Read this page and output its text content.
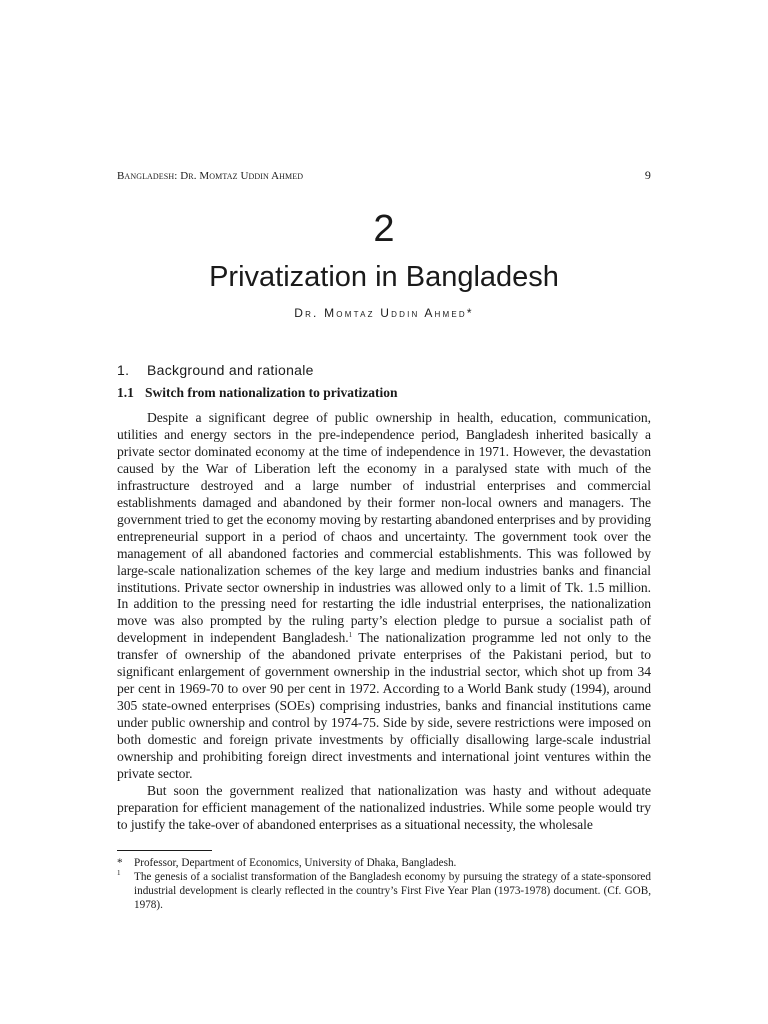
Bangladesh: Dr. Momtaz Uddin Ahmed	9
2
Privatization in Bangladesh
Dr. Momtaz Uddin Ahmed*
1. Background and rationale
1.1 Switch from nationalization to privatization

Despite a significant degree of public ownership in health, education, communication, utilities and energy sectors in the pre-independence period, Bangladesh inherited basically a private sector dominated economy at the time of independence in 1971. However, the devastation caused by the War of Liberation left the economy in a paralysed state with much of the infrastructure destroyed and a large number of industrial enterprises and commercial establishments damaged and abandoned by their former non-local owners and managers. The government tried to get the economy moving by restarting abandoned enterprises and by providing entrepreneurial support in a period of chaos and uncertainty. The government took over the management of all abandoned factories and commercial establishments. This was followed by large-scale nationalization schemes of the key large and medium industries banks and financial institutions. Private sector ownership in industries was allowed only to a limit of Tk. 1.5 million. In addition to the pressing need for restarting the idle industrial enterprises, the nationalization move was also prompted by the ruling party’s election pledge to pursue a socialist path of development in independent Bangladesh.$^1$ The nationalization programme led not only to the transfer of ownership of the abandoned private enterprises of the Pakistani period, but to significant enlargement of government ownership in the industrial sector, which shot up from 34 per cent in 1969-70 to over 90 per cent in 1972. According to a World Bank study (1994), around 305 state-owned enterprises (SOEs) comprising industries, banks and financial institutions came under public ownership and control by 1974-75. Side by side, severe restrictions were imposed on both domestic and foreign private investments by officially disallowing large-scale industrial ownership and prohibiting foreign direct investments and international joint ventures within the private sector.

But soon the government realized that nationalization was hasty and without adequate preparation for efficient management of the nationalized industries. While some people would try to justify the take-over of abandoned enterprises as a situational necessity, the wholesale

*	Professor, Department of Economics, University of Dhaka, Bangladesh.
$^1$	The genesis of a socialist transformation of the Bangladesh economy by pursuing the strategy of a state-sponsored industrial development is clearly reflected in the country’s First Five Year Plan (1973-1978) document. (Cf. GOB, 1978).
